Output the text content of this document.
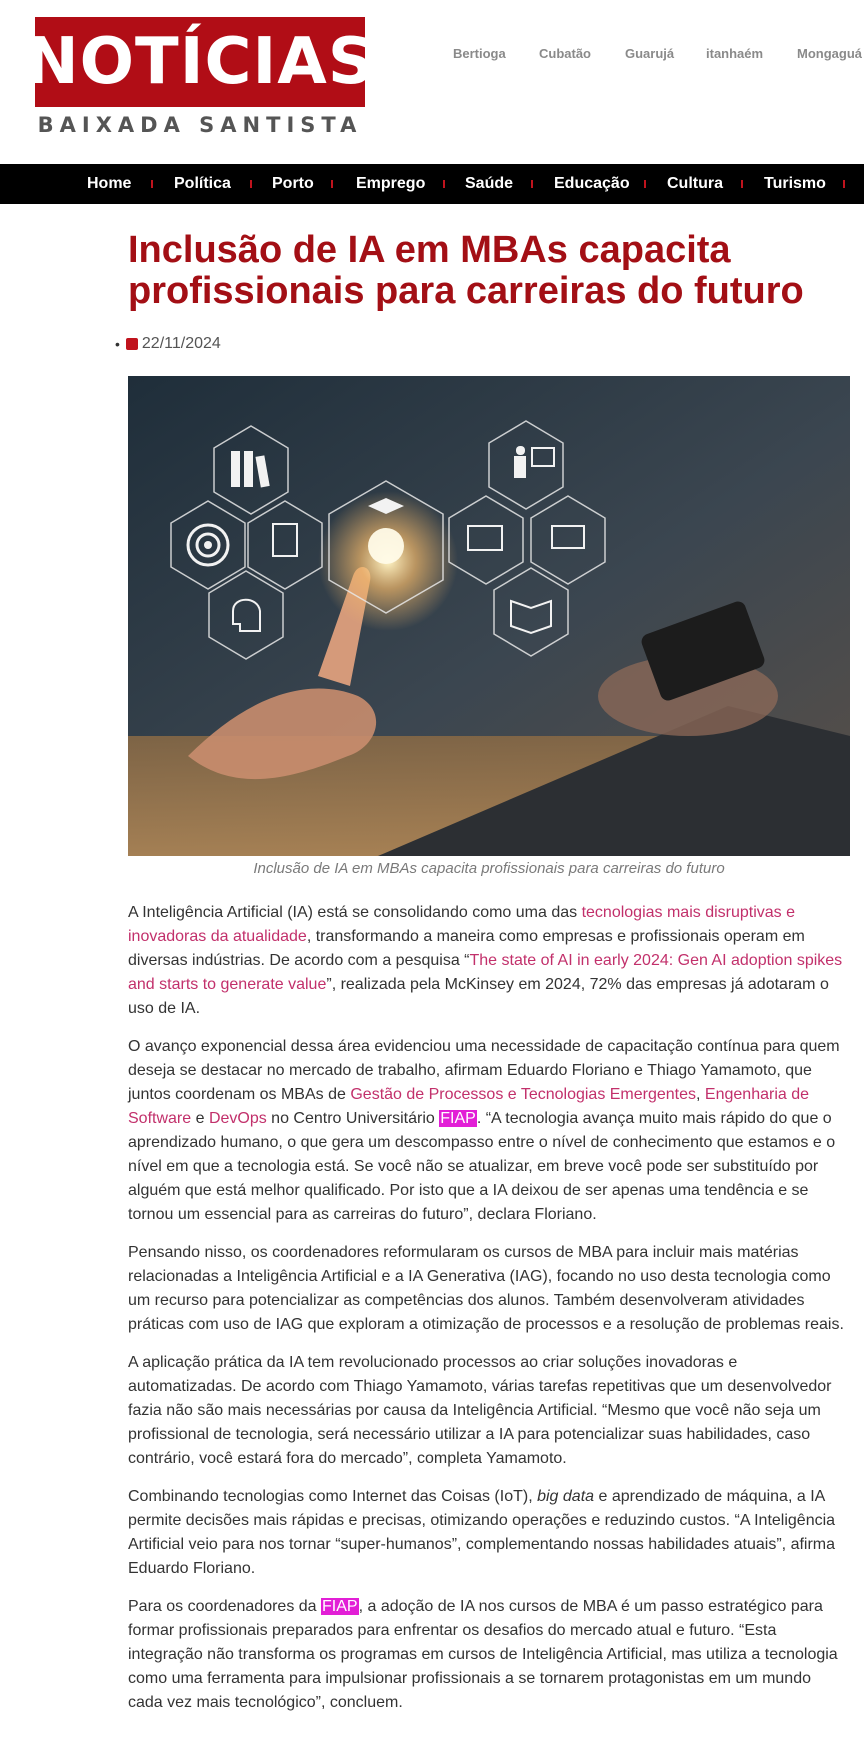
NOTÍCIAS
BAIXADA SANTISTA
Bertioga	Cubatão	Guarujá itanhaém	Mongaguá
Home	Política	Porto	Emprego Saúde	Educação Cultura	Turismo
Inclusão de IA em MBAs capacita profissionais para carreiras do futuro
• 22/11/2024
Inclusão de IA em MBAs capacita profissionais para carreiras do futuro

A Inteligência Artificial (IA) está se consolidando como uma das tecnologias mais disruptivas e inovadoras da atualidade, transformando a maneira como empresas e profissionais operam em diversas indústrias. De acordo com a pesquisa “The state of AI in early 2024: Gen AI adoption spikes and starts to generate value”, realizada pela McKinsey em 2024, 72% das empresas já adotaram o uso de IA.

O avanço exponencial dessa área evidenciou uma necessidade de capacitação contínua para quem deseja se destacar no mercado de trabalho, afirmam Eduardo Floriano e Thiago Yamamoto, que juntos coordenam os MBAs de Gestão de Processos e Tecnologias Emergentes, Engenharia de Software e DevOps no Centro Universitário FIAP. “A tecnologia avança muito mais rápido do que o aprendizado humano, o que gera um descompasso entre o nível de conhecimento que estamos e o nível em que a tecnologia está. Se você não se atualizar, em breve você pode ser substituído por alguém que está melhor qualificado. Por isto que a IA deixou de ser apenas uma tendência e se tornou um essencial para as carreiras do futuro”, declara Floriano.

Pensando nisso, os coordenadores reformularam os cursos de MBA para incluir mais matérias relacionadas a Inteligência Artificial e a IA Generativa (IAG), focando no uso desta tecnologia como um recurso para potencializar as competências dos alunos. Também desenvolveram atividades práticas com uso de IAG que exploram a otimização de processos e a resolução de problemas reais.

A aplicação prática da IA tem revolucionado processos ao criar soluções inovadoras e automatizadas. De acordo com Thiago Yamamoto, várias tarefas repetitivas que um desenvolvedor fazia não são mais necessárias por causa da Inteligência Artificial. “Mesmo que você não seja um profissional de tecnologia, será necessário utilizar a IA para potencializar suas habilidades, caso contrário, você estará fora do mercado”, completa Yamamoto.

Combinando tecnologias como Internet das Coisas (IoT), big data e aprendizado de máquina, a IA permite decisões mais rápidas e precisas, otimizando operações e reduzindo custos. “A Inteligência Artificial veio para nos tornar “super-humanos”, complementando nossas habilidades atuais”, afirma Eduardo Floriano.

Para os coordenadores da FIAP, a adoção de IA nos cursos de MBA é um passo estratégico para formar profissionais preparados para enfrentar os desafios do mercado atual e futuro. “Esta integração não transforma os programas em cursos de Inteligência Artificial, mas utiliza a tecnologia como uma ferramenta para impulsionar profissionais a se tornarem protagonistas em um mundo cada vez mais tecnológico”, concluem.
